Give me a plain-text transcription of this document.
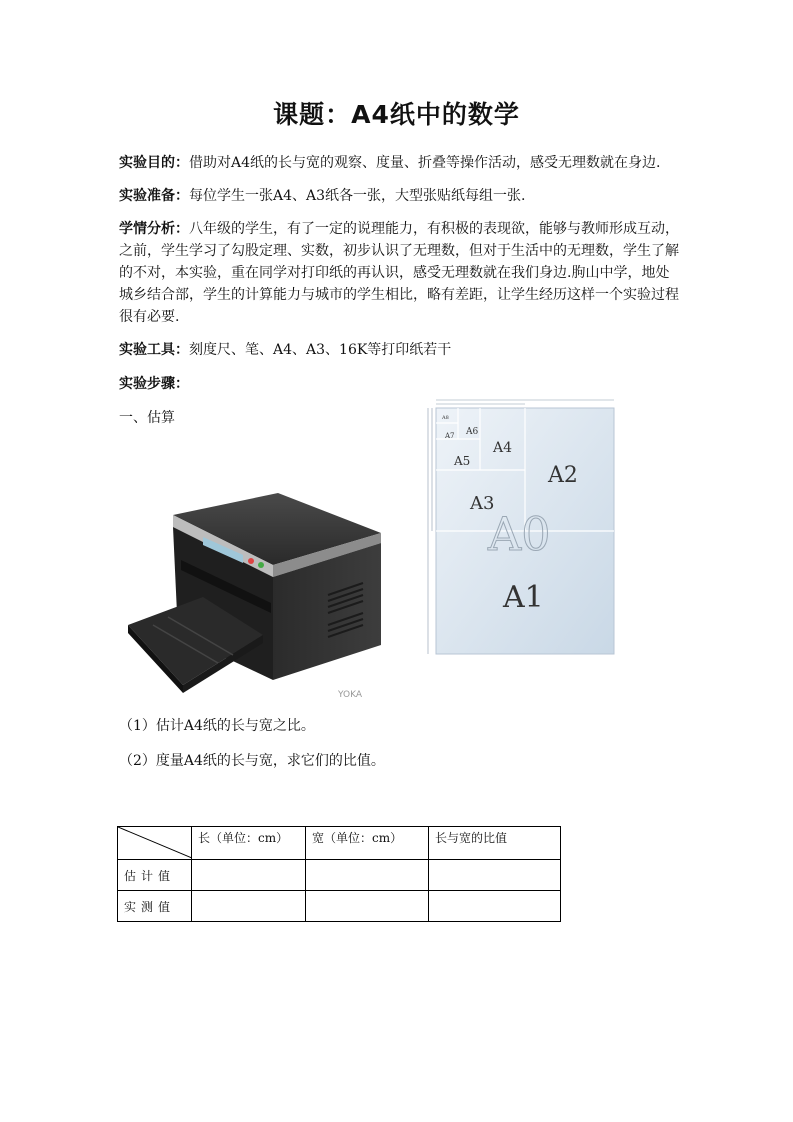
课题：A4纸中的数学

实验目的：借助对A4纸的长与宽的观察、度量、折叠等操作活动，感受无理数就在身边.

实验准备：每位学生一张A4、A3纸各一张，大型张贴纸每组一张.

学情分析：八年级的学生，有了一定的说理能力，有积极的表现欲，能够与教师形成互动，之前，学生学习了勾股定理、实数，初步认识了无理数，但对于生活中的无理数，学生了解的不对，本实验，重在同学对打印纸的再认识，感受无理数就在我们身边.朐山中学，地处城乡结合部，学生的计算能力与城市的学生相比，略有差距，让学生经历这样一个实验过程很有必要.

实验工具：刻度尺、笔、A4、A3、16K等打印纸若干

实验步骤：

一、估算

YOKA
A2
A3
A4
A5
A6
A7
A8
A0
A1

（1）估计A4纸的长与宽之比。

（2）度量A4纸的长与宽，求它们的比值。

	长（单位：cm）	宽（单位：cm）	长与宽的比值
估计值			
实测值			
